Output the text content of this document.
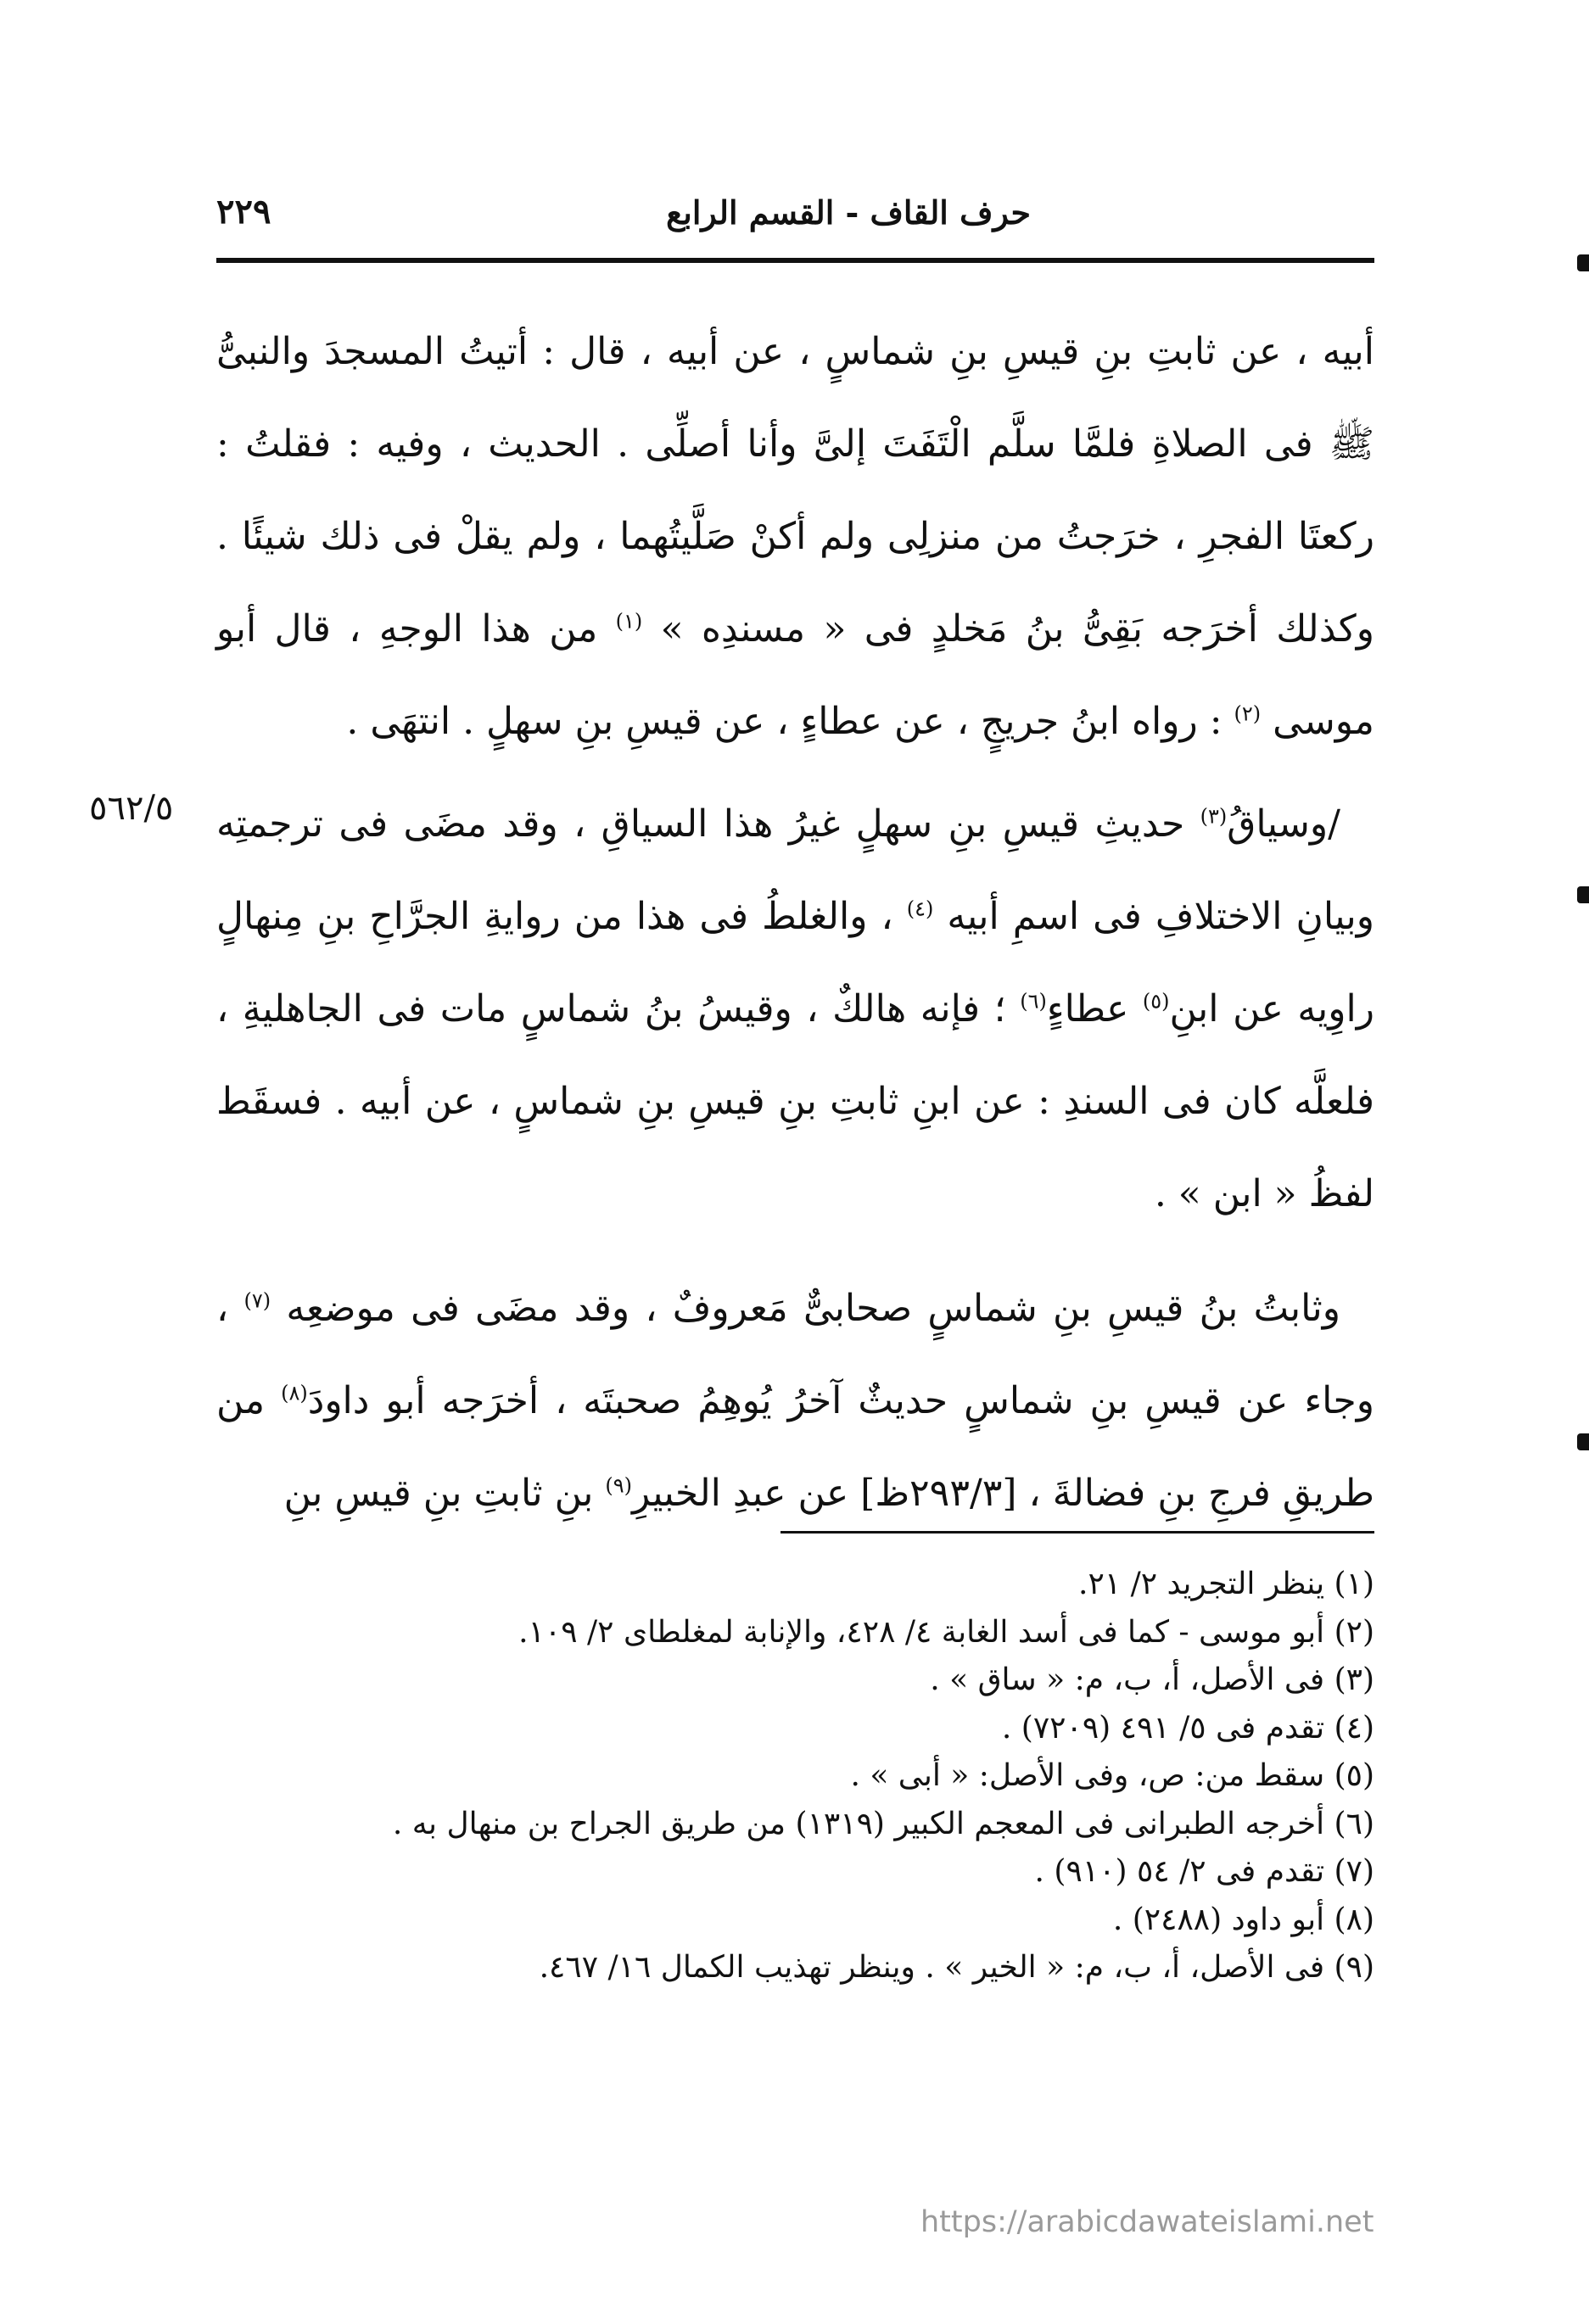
٢٢٩	حرف القاف - القسم الرابع
٥٦٢/٥

أبيه ، عن ثابتِ بنِ قيسِ بنِ شماسٍ ، عن أبيه ، قال : أتيتُ المسجدَ والنبىُّ ﷺ فى الصلاةِ فلمَّا سلَّم الْتَفَتَ إلىَّ وأنا أصلِّى . الحديث ، وفيه : فقلتُ : ركعتَا الفجرِ ، خرَجتُ من منزلِى ولم أكنْ صَلَّيتُهما ، ولم يقلْ فى ذلك شيئًا . وكذلك أخرَجه بَقِىُّ بنُ مَخلدٍ فى « مسندِه » $^{(١)}$ من هذا الوجهِ ، قال أبو موسى $^{(٢)}$ : رواه ابنُ جريجٍ ، عن عطاءٍ ، عن قيسِ بنِ سهلٍ . انتهَى .

/وسياقُ$^{(٣)}$ حديثِ قيسِ بنِ سهلٍ غيرُ هذا السياقِ ، وقد مضَى فى ترجمتِه وبيانِ الاختلافِ فى اسمِ أبيه $^{(٤)}$ ، والغلطُ فى هذا من روايةِ الجرَّاحِ بنِ مِنهالٍ راوِيه عن ابنِ$^{(٥)}$ عطاءٍ$^{(٦)}$ ؛ فإنه هالكٌ ، وقيسُ بنُ شماسٍ مات فى الجاهليةِ ، فلعلَّه كان فى السندِ : عن ابنِ ثابتِ بنِ قيسِ بنِ شماسٍ ، عن أبيه . فسقَط لفظُ « ابن » .

وثابتُ بنُ قيسِ بنِ شماسٍ صحابىٌّ مَعروفٌ ، وقد مضَى فى موضعِه $^{(٧)}$ ، وجاء عن قيسِ بنِ شماسٍ حديثٌ آخرُ يُوهِمُ صحبتَه ، أخرَجه أبو داودَ$^{(٨)}$ من طريقِ فرجِ بنِ فضالةَ ، [٢٩٣/٣ظ] عن عبدِ الخبيرِ$^{(٩)}$ بنِ ثابتِ بنِ قيسِ بنِ

(١) ينظر التجريد ٢/ ٢١.

(٢) أبو موسى - كما فى أسد الغابة ٤/ ٤٢٨، والإنابة لمغلطاى ٢/ ١٠٩.

(٣) فى الأصل، أ، ب، م: « ساق » .

(٤) تقدم فى ٥/ ٤٩١ (٧٢٠٩) .

(٥) سقط من: ص، وفى الأصل: « أبى » .

(٦) أخرجه الطبرانى فى المعجم الكبير (١٣١٩) من طريق الجراح بن منهال به .

(٧) تقدم فى ٢/ ٥٤ (٩١٠) .

(٨) أبو داود (٢٤٨٨) .

(٩) فى الأصل، أ، ب، م: « الخير » . وينظر تهذيب الكمال ١٦/ ٤٦٧.

https://arabicdawateislami.net
